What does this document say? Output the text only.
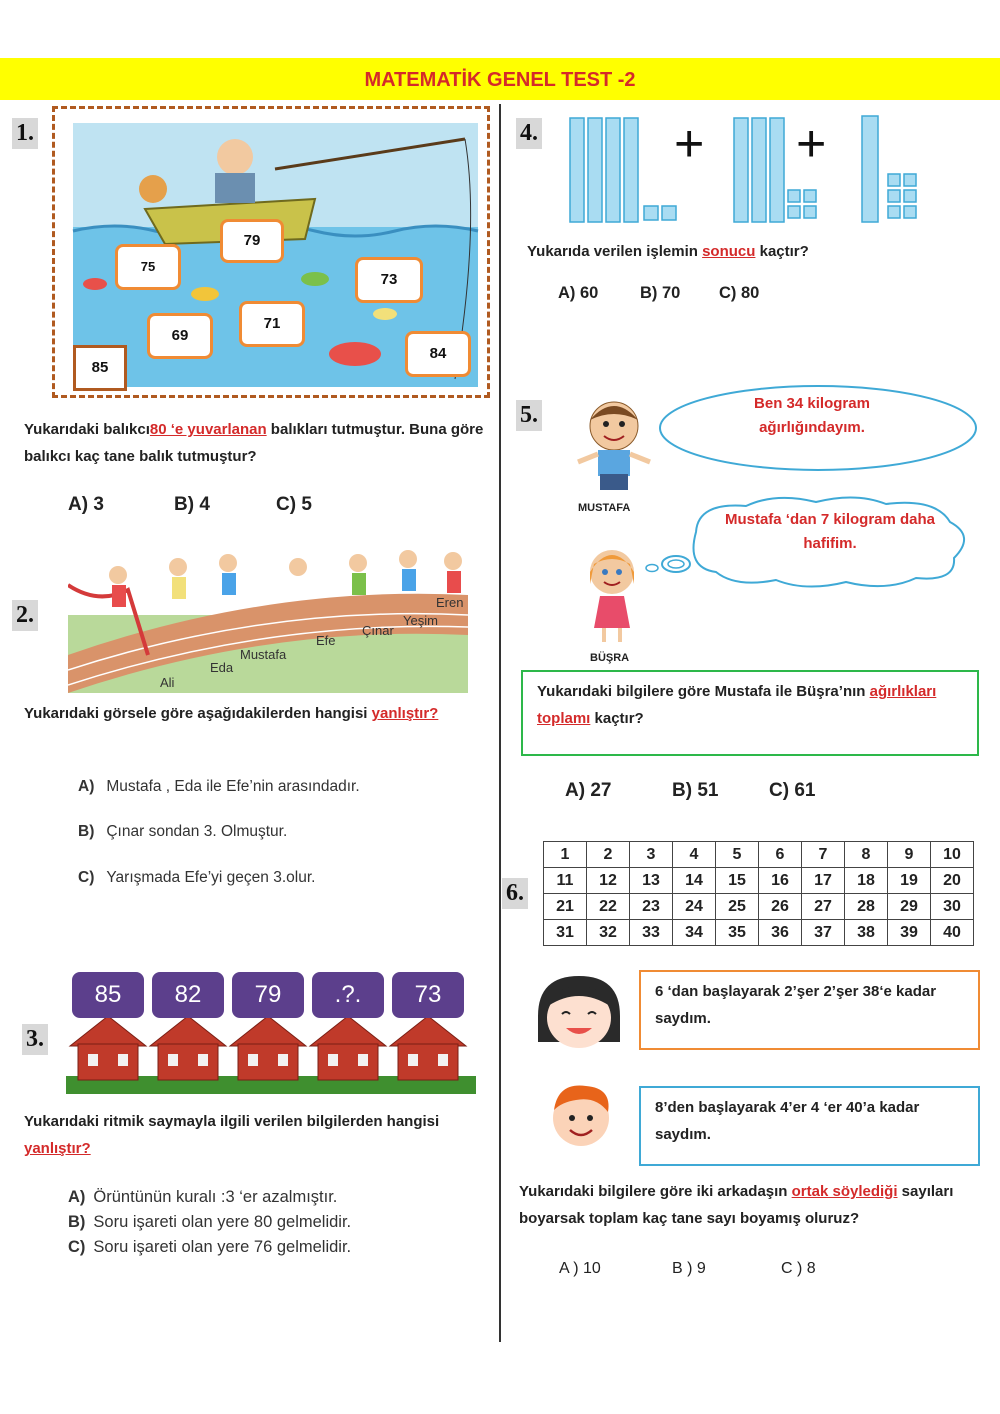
MATEMATİK GENEL TEST -2
1.
79
75
73
71
69
84
85
Yukarıdaki balıkcı80 ‘e yuvarlanan balıkları tutmuştur. Buna göre balıkcı kaç tane balık tutmuştur?
A) 3	B) 4	C) 5
2.	Eren
Yeşim
Çınar
Efe
Mustafa
Eda
Ali
Yukarıdaki görsele göre aşağıdakilerden hangisi yanlıştır?
A) Mustafa , Eda ile Efe’nin arasındadır.
B) Çınar sondan 3. Olmuştur.
C) Yarışmada Efe’yi geçen 3.olur.
3.
85	82	79	.?.	73
Yukarıdaki ritmik saymayla ilgili verilen bilgilerden hangisi yanlıştır?
A) Örüntünün kuralı :3 ‘er azalmıştır.
B) Soru işareti olan yere 80 gelmelidir.
C) Soru işareti olan yere 76 gelmelidir.
4.	+ +
Yukarıda verilen işlemin sonucu kaçtır?
A) 60	B) 70 C) 80
5.
MUSTAFA
Ben 34 kilogram ağırlığındayım.
BÜŞRA
Mustafa ‘dan 7 kilogram daha hafifim.
Yukarıdaki bilgilere göre Mustafa ile Büşra’nın ağırlıkları toplamı kaçtır?
A) 27	B) 51	C) 61
6.
1	2	3	4	5	6	7	8	9	10
11	12	13	14	15	16	17	18	19	20
21	22	23	24	25	26	27	28	29	30
31	32	33	34	35	36	37	38	39	40
6 ‘dan başlayarak 2’şer 2’şer 38‘e kadar saydım.
8’den başlayarak 4’er 4 ‘er 40’a kadar saydım.
Yukarıdaki bilgilere göre iki arkadaşın ortak söylediği sayıları boyarsak toplam kaç tane sayı boyamış oluruz?
A ) 10	B ) 9	C ) 8
